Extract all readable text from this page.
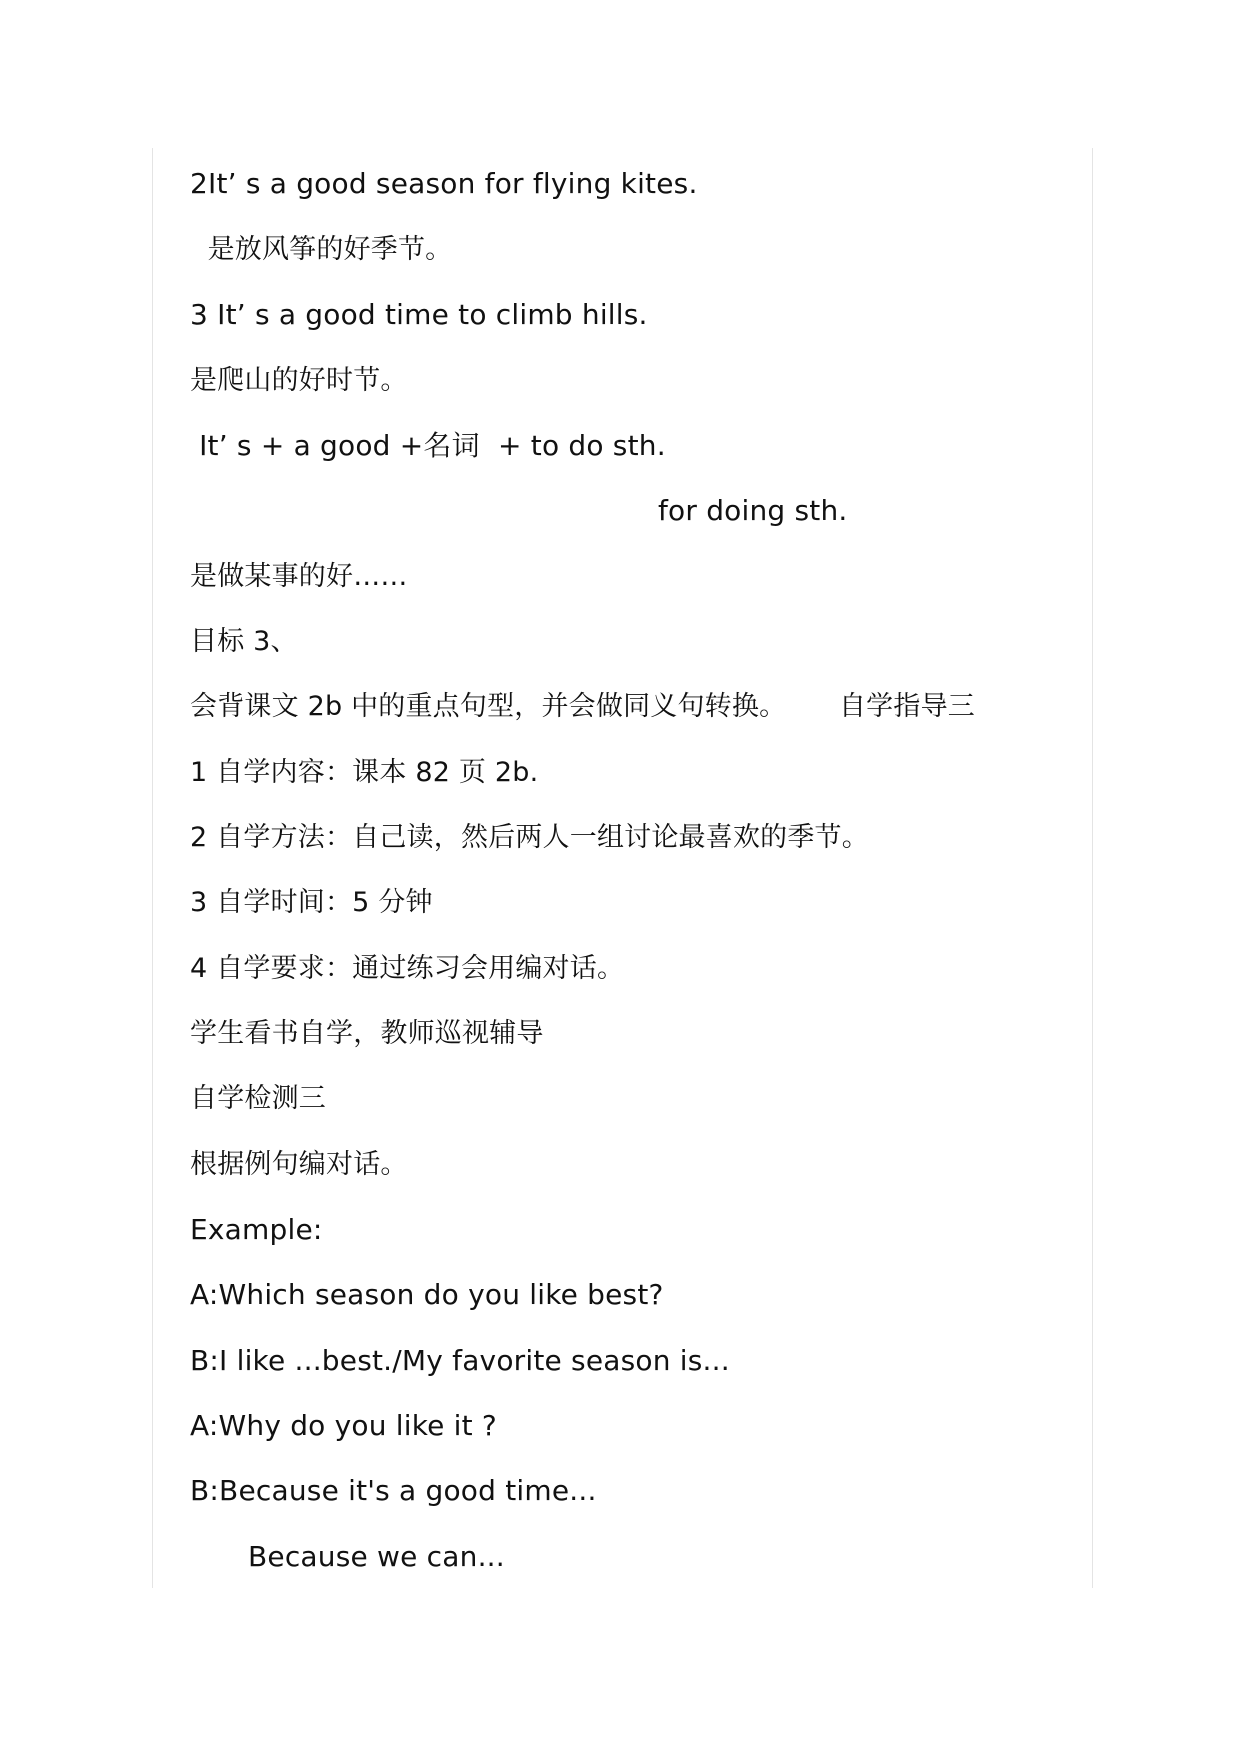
2It’ s a good season for flying kites.
是放风筝的好季节。
3 It’ s a good time to climb hills.
是爬山的好时节。
It’ s + a good +名词  + to do sth.
for doing sth.
是做某事的好……
目标 3、
会背课文 2b 中的重点句型，并会做同义句转换。      自学指导三
1 自学内容：课本 82 页 2b.
2 自学方法：自己读，然后两人一组讨论最喜欢的季节。
3 自学时间：5 分钟
4 自学要求：通过练习会用编对话。
学生看书自学，教师巡视辅导
自学检测三
根据例句编对话。
Example:
A:Which season do you like best?
B:I like ...best./My favorite season is...
A:Why do you like it ?
B:Because it's a good time...
Because we can...
